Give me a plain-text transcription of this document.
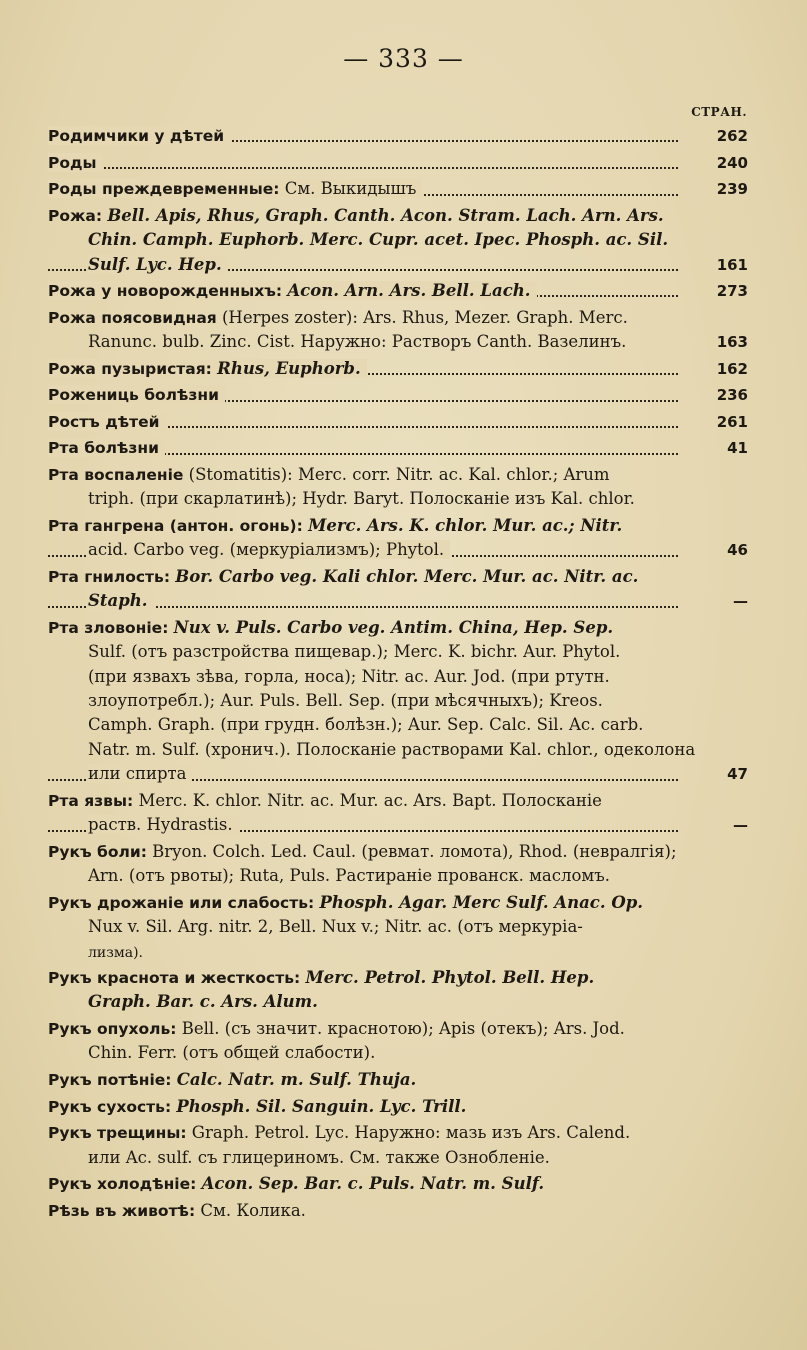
— 333 —
СТРАН.
Родимчики у дѣтей	262
Роды	240
Роды преждевременные: См. Выкидышъ	239
Рожа: Bell. Apis, Rhus, Graph. Canth. Acon. Stram. Lach. Arn. Ars.
Chin. Camph. Euphorb. Merc. Cupr. acet. Ipec. Phosph. ac. Sil.
Sulf. Lyc. Hep.	161
Рожа у новорожденныхъ: Acon. Arn. Ars. Bell. Lach.	273
Рожа поясовидная (Herpes zoster): Ars. Rhus, Mezer. Graph. Merc.
Ranunc. bulb. Zinc. Cist. Наружно: Растворъ Canth. Вазелинъ.	163
Рожа пузыристая: Rhus, Euphorb.	162
Рожениць болѣзни	236
Ростъ дѣтей	261
Рта болѣзни	41
Рта воспаленіе (Stomatitis): Merc. corr. Nitr. ac. Kal. chlor.; Arum
triph. (при скарлатинѣ); Hydr. Baryt. Полосканіе изъ Kal. chlor.
Рта гангрена (антон. огонь): Merc. Ars. K. chlor. Mur. ac.; Nitr.
acid. Carbo veg. (меркуріализмъ); Phytol.	46
Рта гнилость: Bor. Carbo veg. Kali chlor. Merc. Mur. ac. Nitr. ac.
Staph.	—
Рта зловоніе: Nux v. Puls. Carbo veg. Antim. China, Hep. Sep.
Sulf. (отъ разстройства пищевар.); Merc. K. bichr. Aur. Phytol.
(при язвахъ зѣва, горла, носа); Nitr. ac. Aur. Jod. (при ртутн.
злоупотребл.); Aur. Puls. Bell. Sep. (при мѣсячныхъ); Kreos.
Camph. Graph. (при грудн. болѣзн.); Aur. Sep. Calc. Sil. Ac. carb.
Natr. m. Sulf. (хронич.). Полосканіе растворами Kal. chlor., одеколона
или спирта	47
Рта язвы: Merc. K. chlor. Nitr. ac. Mur. ac. Ars. Bapt. Полосканіе
раств. Hydrastis.	—
Рукъ боли: Bryon. Colch. Led. Caul. (ревмат. ломота), Rhod. (невралгія);
Arn. (отъ рвоты); Ruta, Puls. Растираніе прованск. масломъ.
Рукъ дрожаніе или слабость: Phosph. Agar. Merc Sulf. Anac. Op.
Nux v. Sil. Arg. nitr. 2, Bell. Nux v.; Nitr. ac. (отъ меркуріа-
лизма).
Рукъ краснота и жесткость: Merc. Petrol. Phytol. Bell. Hep.
Graph. Bar. c. Ars. Alum.
Рукъ опухоль: Bell. (съ значит. краснотою); Apis (отекъ); Ars. Jod.
Chin. Ferr. (отъ общей слабости).
Рукъ потѣніе: Calc. Natr. m. Sulf. Thuja.
Рукъ сухость: Phosph. Sil. Sanguin. Lyc. Trill.
Рукъ трещины: Graph. Petrol. Lyc. Наружно: мазь изъ Ars. Calend.
или Ac. sulf. съ глицериномъ. См. также Ознобленіе.
Рукъ холодѣніе: Acon. Sep. Bar. c. Puls. Natr. m. Sulf.
Рѣзь въ животѣ: См. Колика.
